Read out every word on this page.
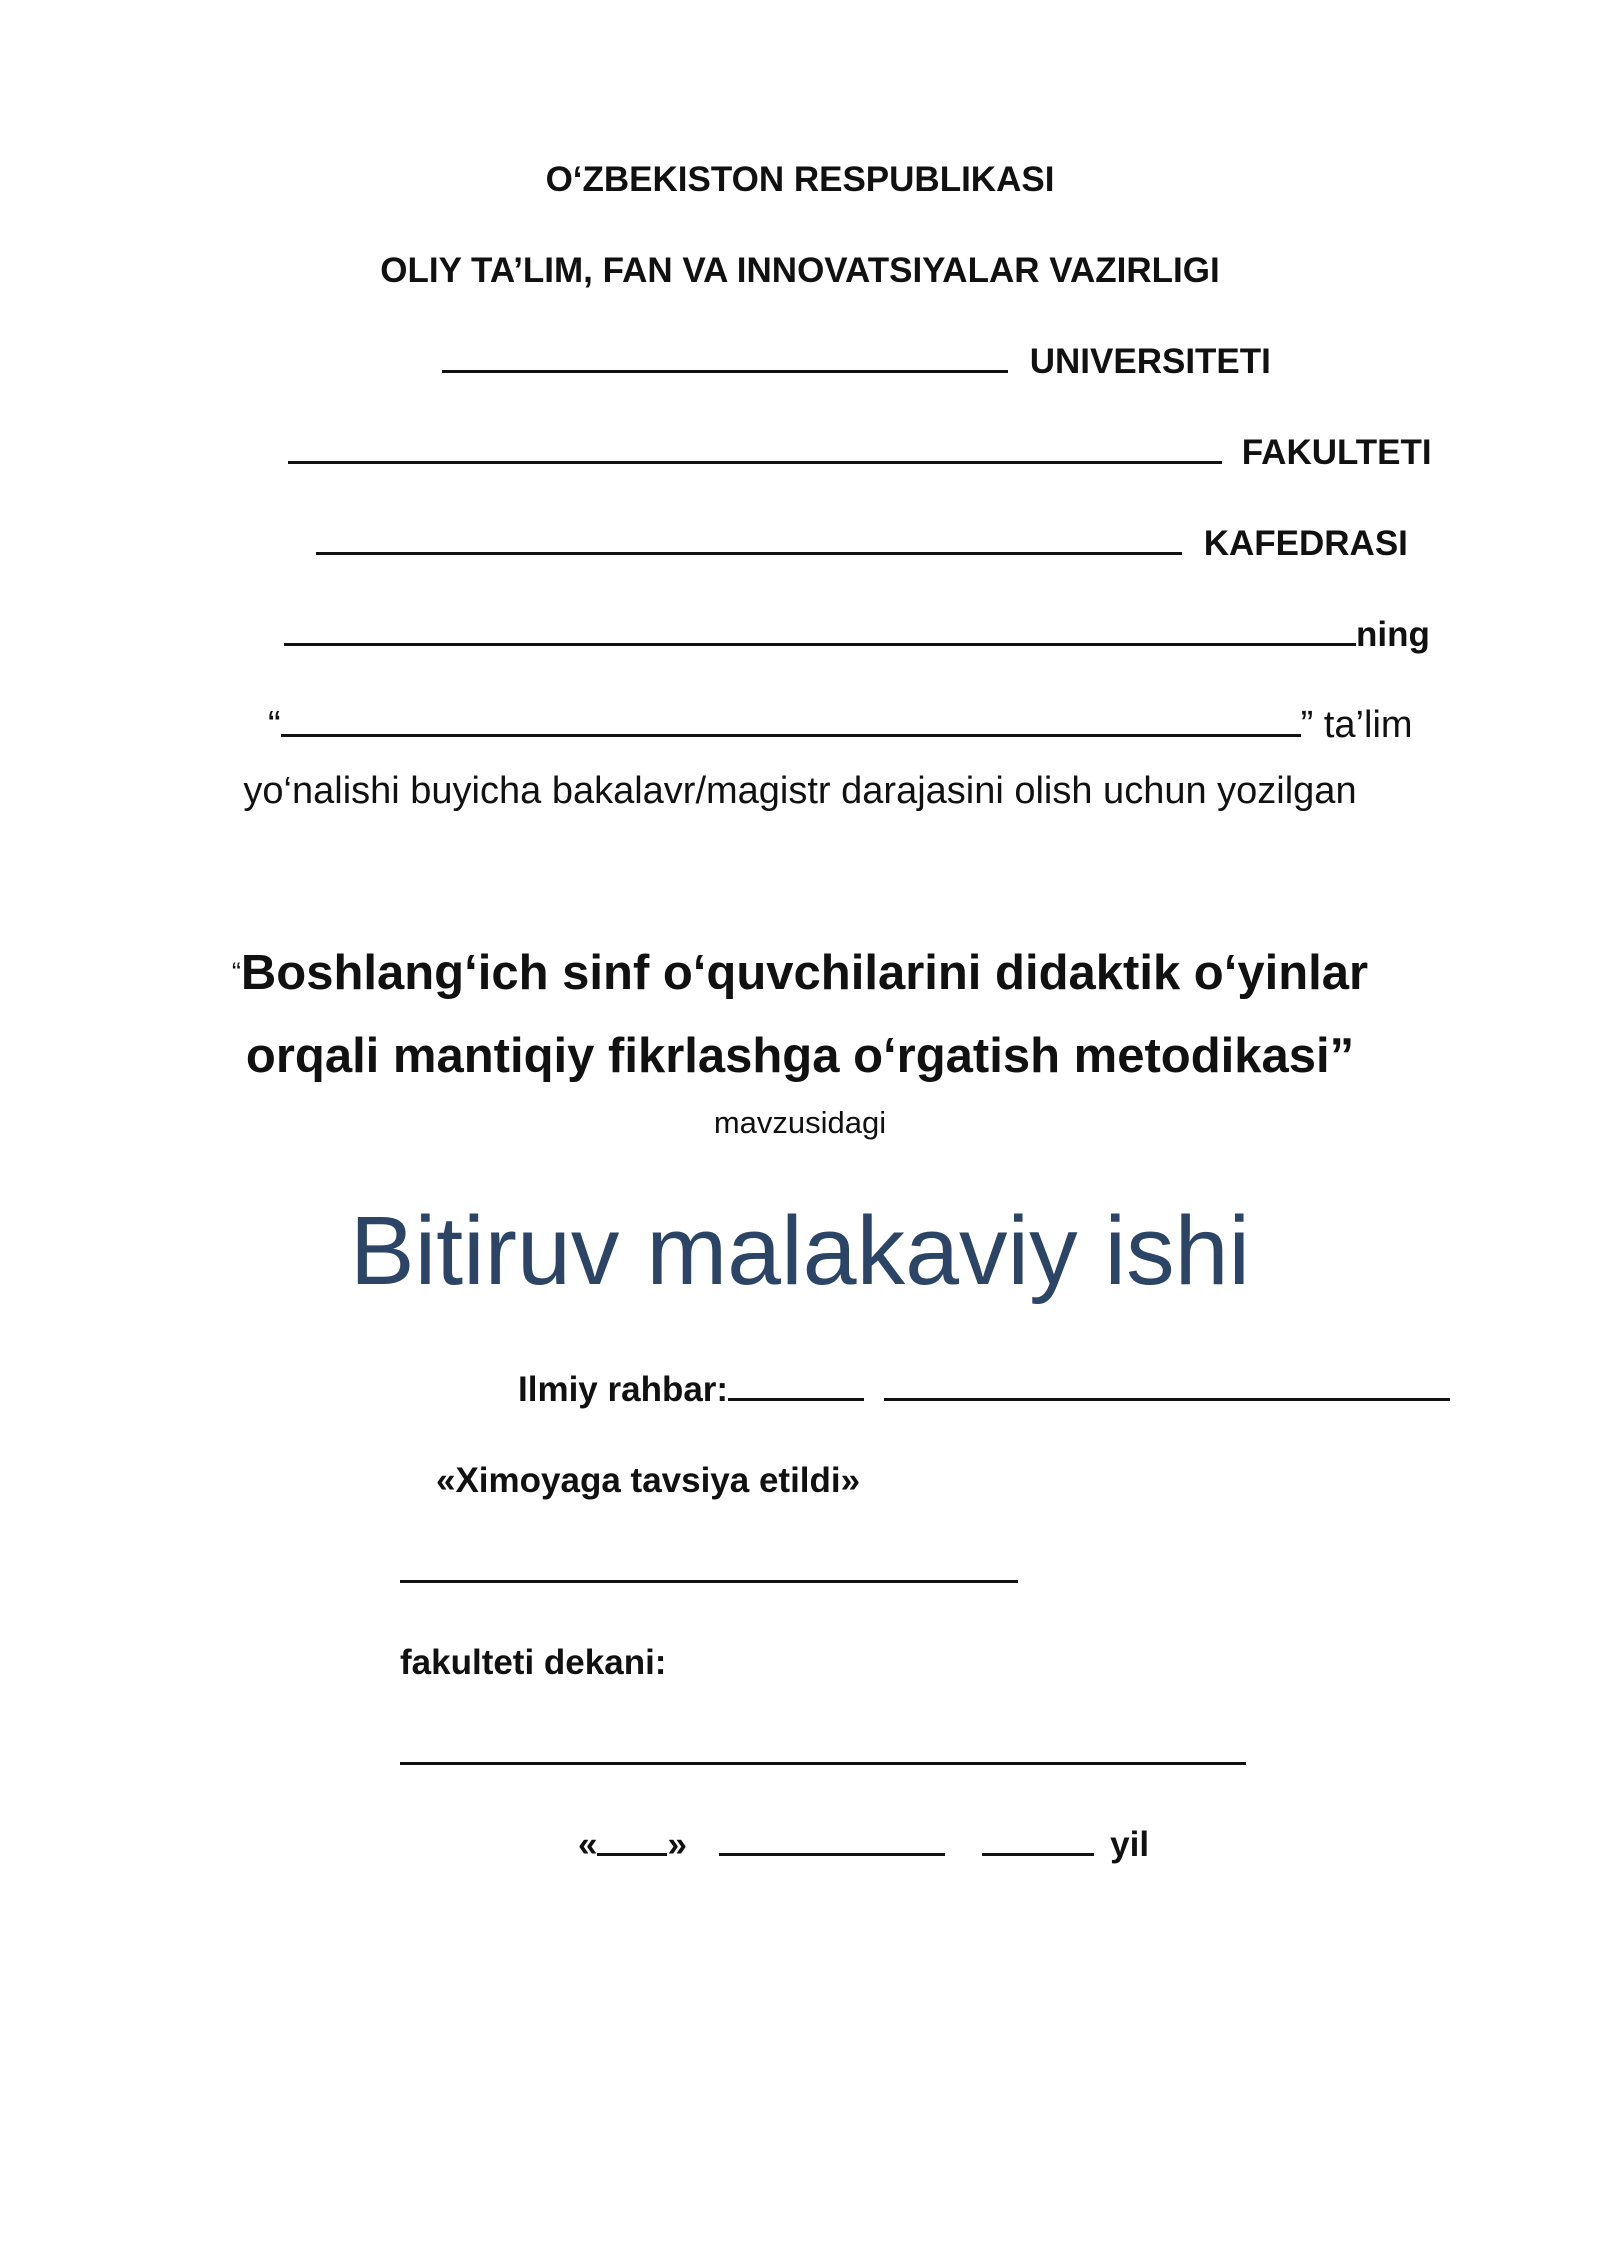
O‘ZBEKISTON RESPUBLIKASI
OLIY TA’LIM, FAN VA INNOVATSIYALAR VAZIRLIGI
UNIVERSITETI
FAKULTETI
KAFEDRASI
ning
“	” ta’lim
yo‘nalishi buyicha bakalavr/magistr darajasini olish uchun yozilgan
“Boshlang‘ich sinf o‘quvchilarini didaktik o‘yinlar
orqali mantiqiy fikrlashga o‘rgatish metodikasi”
mavzusidagi
Bitiruv malakaviy ishi
Ilmiy rahbar:
«Ximoyaga tavsiya etildi»
fakulteti dekani:
« »	yil
